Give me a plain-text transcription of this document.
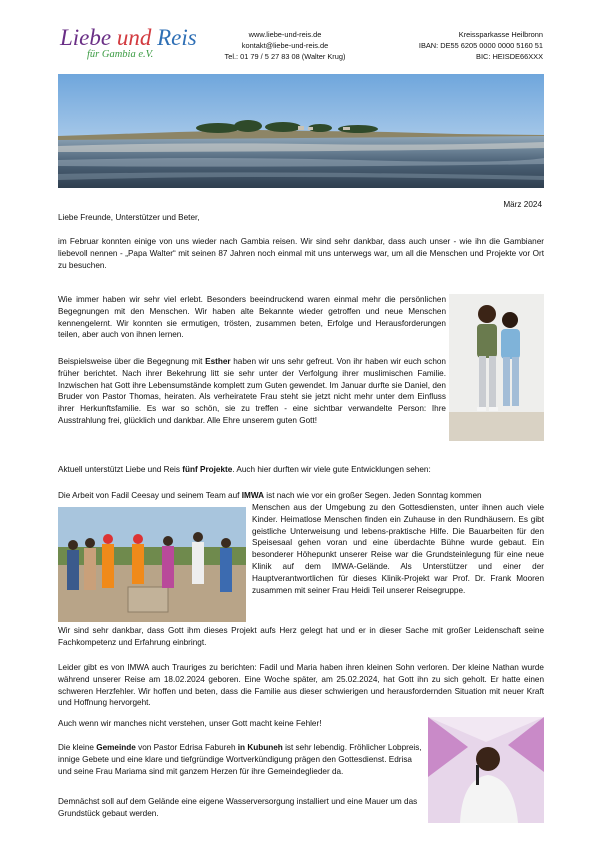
Liebe und Reis
für Gambia e.V.
www.liebe-und-reis.de
kontakt@liebe-und-reis.de
Tel.: 01 79 / 5 27 83 08 (Walter Krug)
Kreissparkasse Heilbronn
IBAN: DE55 6205 0000 0000 5160 51
BIC: HEISDE66XXX
März 2024

Liebe Freunde, Unterstützer und Beter,

im Februar konnten einige von uns wieder nach Gambia reisen. Wir sind sehr dankbar, dass auch unser - wie ihn die Gambianer liebevoll nennen - „Papa Walter“ mit seinen 87 Jahren noch einmal mit uns unterwegs war, um all die Menschen und Projekte vor Ort zu besuchen.

Wie immer haben wir sehr viel erlebt. Besonders beeindruckend waren einmal mehr die persönlichen Begegnungen mit den Menschen. Wir haben alte Bekannte wieder getroffen und neue Menschen kennengelernt. Wir konnten sie ermutigen, trösten, zusammen beten, Erfolge und Herausforderungen teilen, aber auch von ihnen lernen.

Beispielsweise über die Begegnung mit Esther haben wir uns sehr gefreut. Von ihr haben wir euch schon früher berichtet. Nach ihrer Bekehrung litt sie sehr unter der Verfolgung ihrer muslimischen Familie. Inzwischen hat Gott ihre Lebensumstände komplett zum Guten gewendet. Im Januar durfte sie Daniel, den Bruder von Pastor Thomas, heiraten. Als verheiratete Frau steht sie jetzt nicht mehr unter dem Einfluss ihrer Herkunftsfamilie. Es war so schön, sie zu treffen - eine sichtbar verwandelte Person: Ihre Ausstrahlung frei, glücklich und dankbar. Alle Ehre unserem guten Gott!

Aktuell unterstützt Liebe und Reis fünf Projekte. Auch hier durften wir viele gute Entwicklungen sehen:

Die Arbeit von Fadil Ceesay und seinem Team auf IMWA ist nach wie vor ein großer Segen. Jeden Sonntag kommen

Menschen aus der Umgebung zu den Gottesdiensten, unter ihnen auch viele Kinder. Heimatlose Menschen finden ein Zuhause in den Rundhäusern. Es gibt geistliche Unterweisung und lebens-praktische Hilfe. Die Bauarbeiten für den Speisesaal gehen voran und eine überdachte Bühne wurde gebaut. Ein besonderer Höhepunkt unserer Reise war die Grundsteinlegung für eine neue Klinik auf dem IMWA-Gelände. Als Unterstützer und einer der Hauptverantwortlichen für dieses Klinik-Projekt war Prof. Dr. Frank Mooren zusammen mit seiner Frau Heidi Teil unserer Reisegruppe.

Wir sind sehr dankbar, dass Gott ihm dieses Projekt aufs Herz gelegt hat und er in dieser Sache mit großer Leidenschaft seine Fachkompetenz und Erfahrung einbringt.

Leider gibt es von IMWA auch Trauriges zu berichten: Fadil und Maria haben ihren kleinen Sohn verloren. Der kleine Nathan wurde während unserer Reise am 18.02.2024 geboren. Eine Woche später, am 25.02.2024, hat Gott ihn zu sich geholt. Er hatte einen schweren Herzfehler. Wir hoffen und beten, dass die Familie aus dieser schwierigen und herausfordernden Situation mit neuer Kraft und Hoffnung hervorgeht.

Auch wenn wir manches nicht verstehen, unser Gott macht keine Fehler!

Die kleine Gemeinde von Pastor Edrisa Fabureh in Kubuneh ist sehr lebendig. Fröhlicher Lobpreis, innige Gebete und eine klare und tiefgründige Wortverkündigung prägen den Gottesdienst. Edrisa und seine Frau Mariama sind mit ganzem Herzen für ihre Gemeindeglieder da.

Demnächst soll auf dem Gelände eine eigene Wasserversorgung installiert und eine Mauer um das Grundstück gebaut werden.
